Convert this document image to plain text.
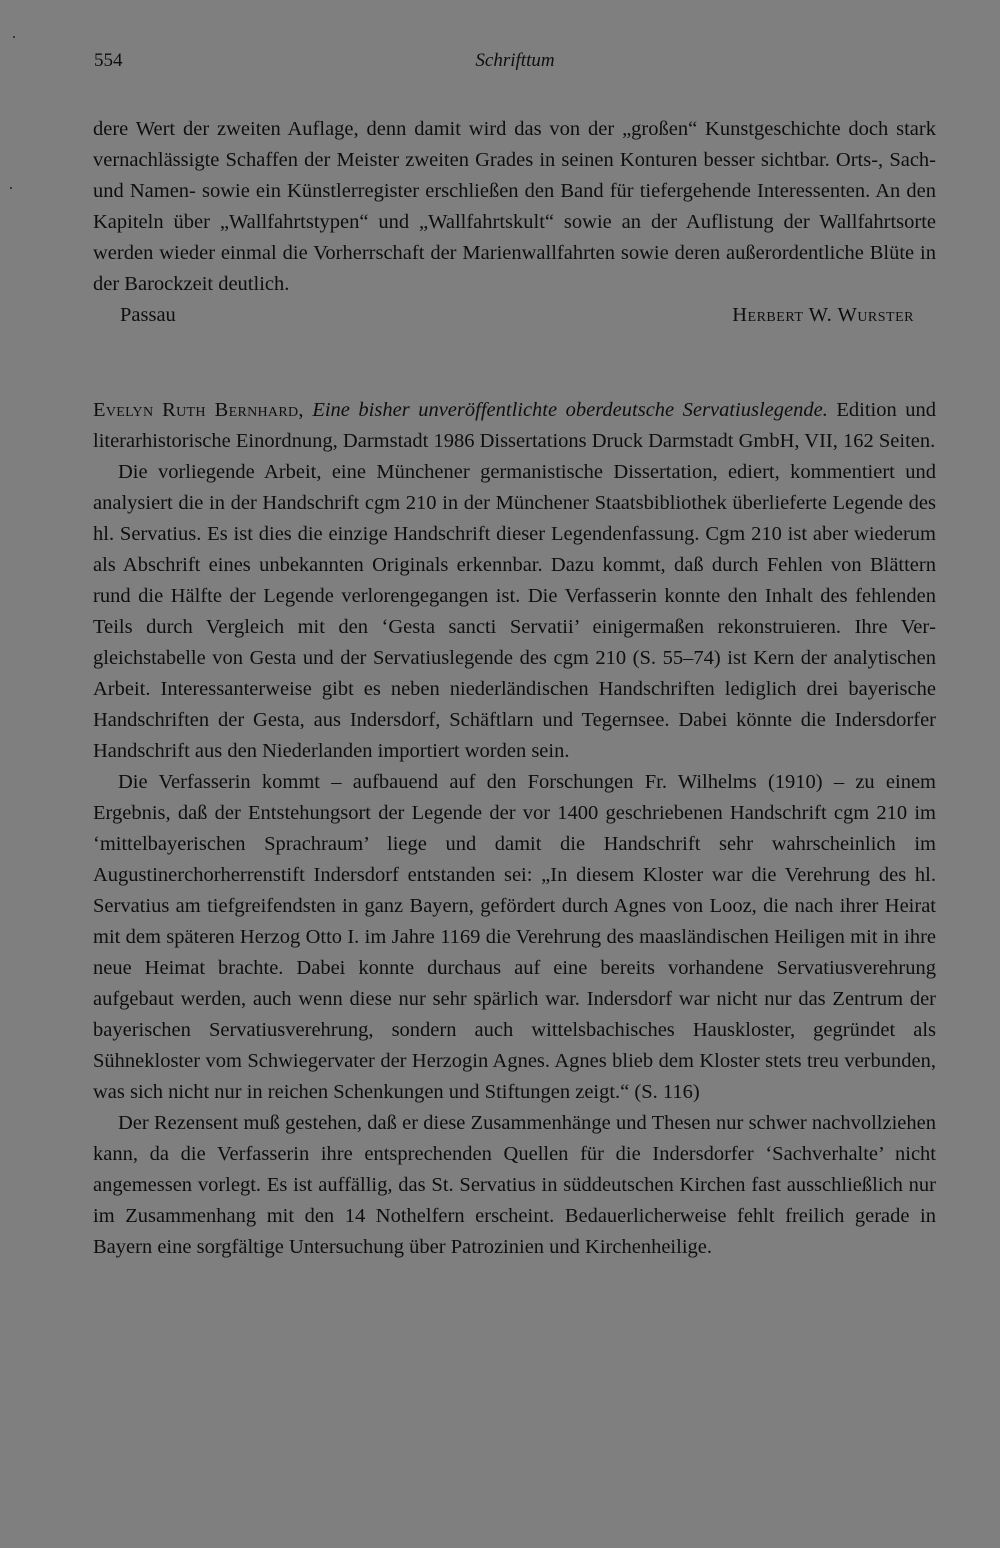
554	Schrifttum

dere Wert der zweiten Auflage, denn damit wird das von der „großen“ Kunstgeschichte doch stark vernachlässigte Schaffen der Meister zweiten Grades in seinen Konturen besser sichtbar. Orts-, Sach- und Namen- sowie ein Künstlerregister erschließen den Band für tiefergehende Interessenten. An den Kapiteln über „Wallfahrtstypen“ und „Wallfahrtskult“ sowie an der Auflistung der Wallfahrtsorte werden wieder einmal die Vorherrschaft der Marienwallfahrten sowie deren außerordentliche Blüte in der Barockzeit deutlich.

Passau	Herbert W. Wurster

Evelyn Ruth Bernhard, Eine bisher unveröffentlichte oberdeutsche Servatiuslegende. Edition und literarhistorische Einordnung, Darmstadt 1986 Dissertations Druck Darmstadt GmbH, VII, 162 Seiten.

Die vorliegende Arbeit, eine Münchener germanistische Dissertation, ediert, kommentiert und analysiert die in der Handschrift cgm 210 in der Münchener Staatsbibliothek überlieferte Legende des hl. Servatius. Es ist dies die einzige Handschrift dieser Legendenfassung. Cgm 210 ist aber wiederum als Abschrift eines unbekannten Originals erkennbar. Dazu kommt, daß durch Fehlen von Blättern rund die Hälfte der Legende verlorengegangen ist. Die Verfasserin konnte den Inhalt des fehlenden Teils durch Vergleich mit den ‘Gesta sancti Servatii’ einigermaßen rekonstruieren. Ihre Vergleichstabelle von Gesta und der Servatiuslegende des cgm 210 (S. 55–74) ist Kern der analytischen Arbeit. Interessanterweise gibt es neben niederländischen Handschriften lediglich drei bayerische Handschriften der Gesta, aus Indersdorf, Schäftlarn und Tegernsee. Dabei könnte die Indersdorfer Handschrift aus den Niederlanden importiert worden sein.

Die Verfasserin kommt – aufbauend auf den Forschungen Fr. Wilhelms (1910) – zu einem Ergebnis, daß der Entstehungsort der Legende der vor 1400 geschriebenen Handschrift cgm 210 im ‘mittelbayerischen Sprachraum’ liege und damit die Handschrift sehr wahrscheinlich im Augustinerchorherrenstift Indersdorf entstanden sei: „In diesem Kloster war die Verehrung des hl. Servatius am tiefgreifendsten in ganz Bayern, gefördert durch Agnes von Looz, die nach ihrer Heirat mit dem späteren Herzog Otto I. im Jahre 1169 die Verehrung des maasländischen Heiligen mit in ihre neue Heimat brachte. Dabei konnte durchaus auf eine bereits vorhandene Servatiusverehrung aufgebaut werden, auch wenn diese nur sehr spärlich war. Indersdorf war nicht nur das Zentrum der bayerischen Servatiusverehrung, sondern auch wittelsbachisches Hauskloster, gegründet als Sühnekloster vom Schwiegervater der Herzogin Agnes. Agnes blieb dem Kloster stets treu verbunden, was sich nicht nur in reichen Schenkungen und Stiftungen zeigt.“ (S. 116)

Der Rezensent muß gestehen, daß er diese Zusammenhänge und Thesen nur schwer nachvollziehen kann, da die Verfasserin ihre entsprechenden Quellen für die Indersdorfer ‘Sachverhalte’ nicht angemessen vorlegt. Es ist auffällig, das St. Servatius in süddeutschen Kirchen fast ausschließlich nur im Zusammenhang mit den 14 Nothelfern erscheint. Bedauerlicherweise fehlt freilich gerade in Bayern eine sorgfältige Untersuchung über Patrozinien und Kirchenheilige.
